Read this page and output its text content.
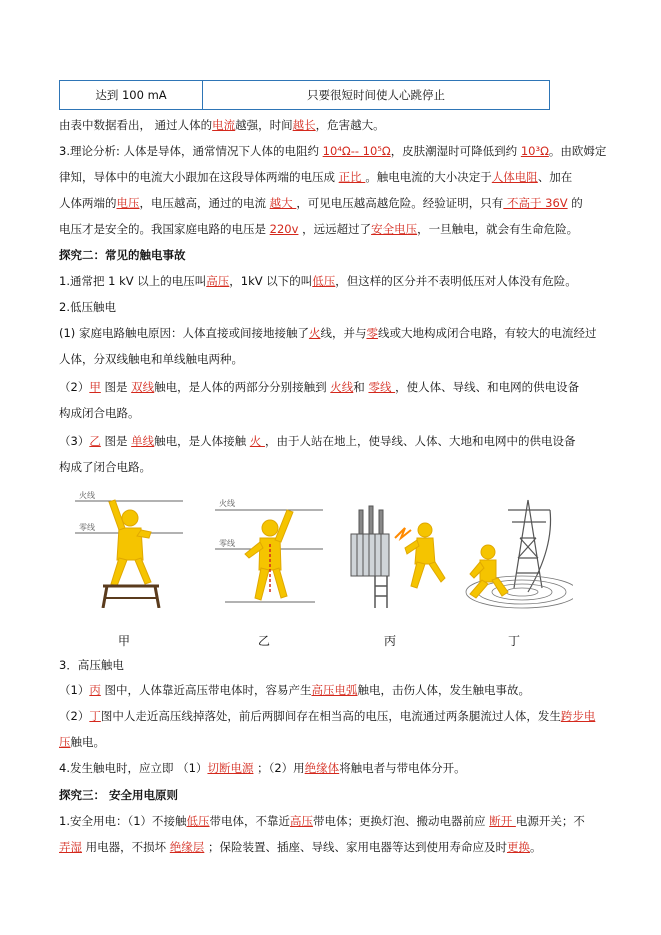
达到 100 mA	只要很短时间使人心跳停止
由表中数据看出， 通过人体的电流越强，时间越长，危害越大。
3.理论分析: 人体是导体，通常情况下人体的电阻约 10⁴Ω-- 10⁵Ω，皮肤潮湿时可降低到约 10³Ω。由欧姆定
律知，导体中的电流大小跟加在这段导体两端的电压成 正比 。触电电流的大小决定于人体电阻、加在
人体两端的电压，电压越高，通过的电流 越大 ，可见电压越高越危险。经验证明，只有 不高于 36V 的
电压才是安全的。我国家庭电路的电压是 220v ，远远超过了安全电压，一旦触电，就会有生命危险。
探究二：常见的触电事故
1.通常把 1 kV 以上的电压叫高压，1kV 以下的叫低压，但这样的区分并不表明低压对人体没有危险。
2.低压触电
(1) 家庭电路触电原因：人体直接或间接地接触了火线，并与零线或大地构成闭合电路，有较大的电流经过
人体，分双线触电和单线触电两种。
（2）甲 图是 双线触电，是人体的两部分分别接触到 火线和 零线 ，使人体、导线、和电网的供电设备
构成闭合电路。
（3）乙 图是 单线触电，是人体接触 火 ，由于人站在地上，使导线、人体、大地和电网中的供电设备
构成了闭合电路。
火线
零线
火线
零线
甲	乙	丙	丁
3．高压触电
（1）丙 图中，人体靠近高压带电体时，容易产生高压电弧触电，击伤人体，发生触电事故。
（2）丁图中人走近高压线掉落处，前后两脚间存在相当高的电压，电流通过两条腿流过人体，发生跨步电
压触电。
4.发生触电时，应立即 （1）切断电源 ；（2）用绝缘体将触电者与带电体分开。
探究三： 安全用电原则
1.安全用电：（1）不接触低压带电体，不靠近高压带电体；更换灯泡、搬动电器前应 断开 电源开关；不
弄湿 用电器，不损坏 绝缘层 ；保险装置、插座、导线、家用电器等达到使用寿命应及时更换。
